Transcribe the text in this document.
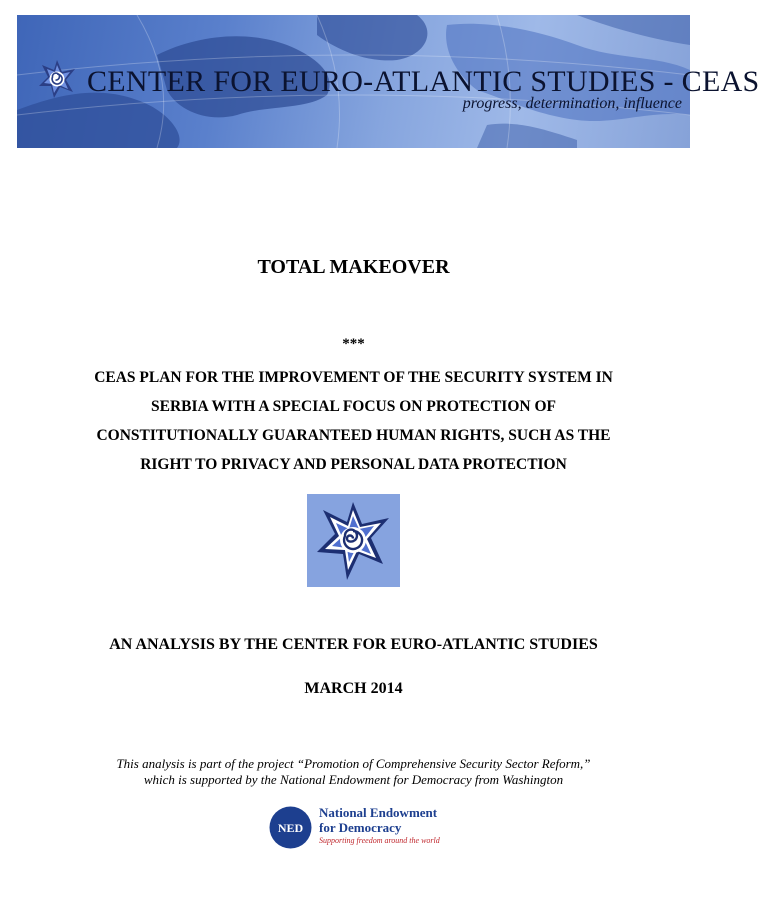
CENTER FOR EURO-ATLANTIC STUDIES - CEAS
progress, determination, influence
TOTAL MAKEOVER
***
CEAS PLAN FOR THE IMPROVEMENT OF THE SECURITY SYSTEM IN
SERBIA WITH A SPECIAL FOCUS ON PROTECTION OF
CONSTITUTIONALLY GUARANTEED HUMAN RIGHTS, SUCH AS THE
RIGHT TO PRIVACY AND PERSONAL DATA PROTECTION
AN ANALYSIS BY THE CENTER FOR EURO-ATLANTIC STUDIES
MARCH 2014
This analysis is part of the project “Promotion of Comprehensive Security Sector Reform,”
which is supported by the National Endowment for Democracy from Washington
NED
National Endowment
for Democracy
Supporting freedom around the world
